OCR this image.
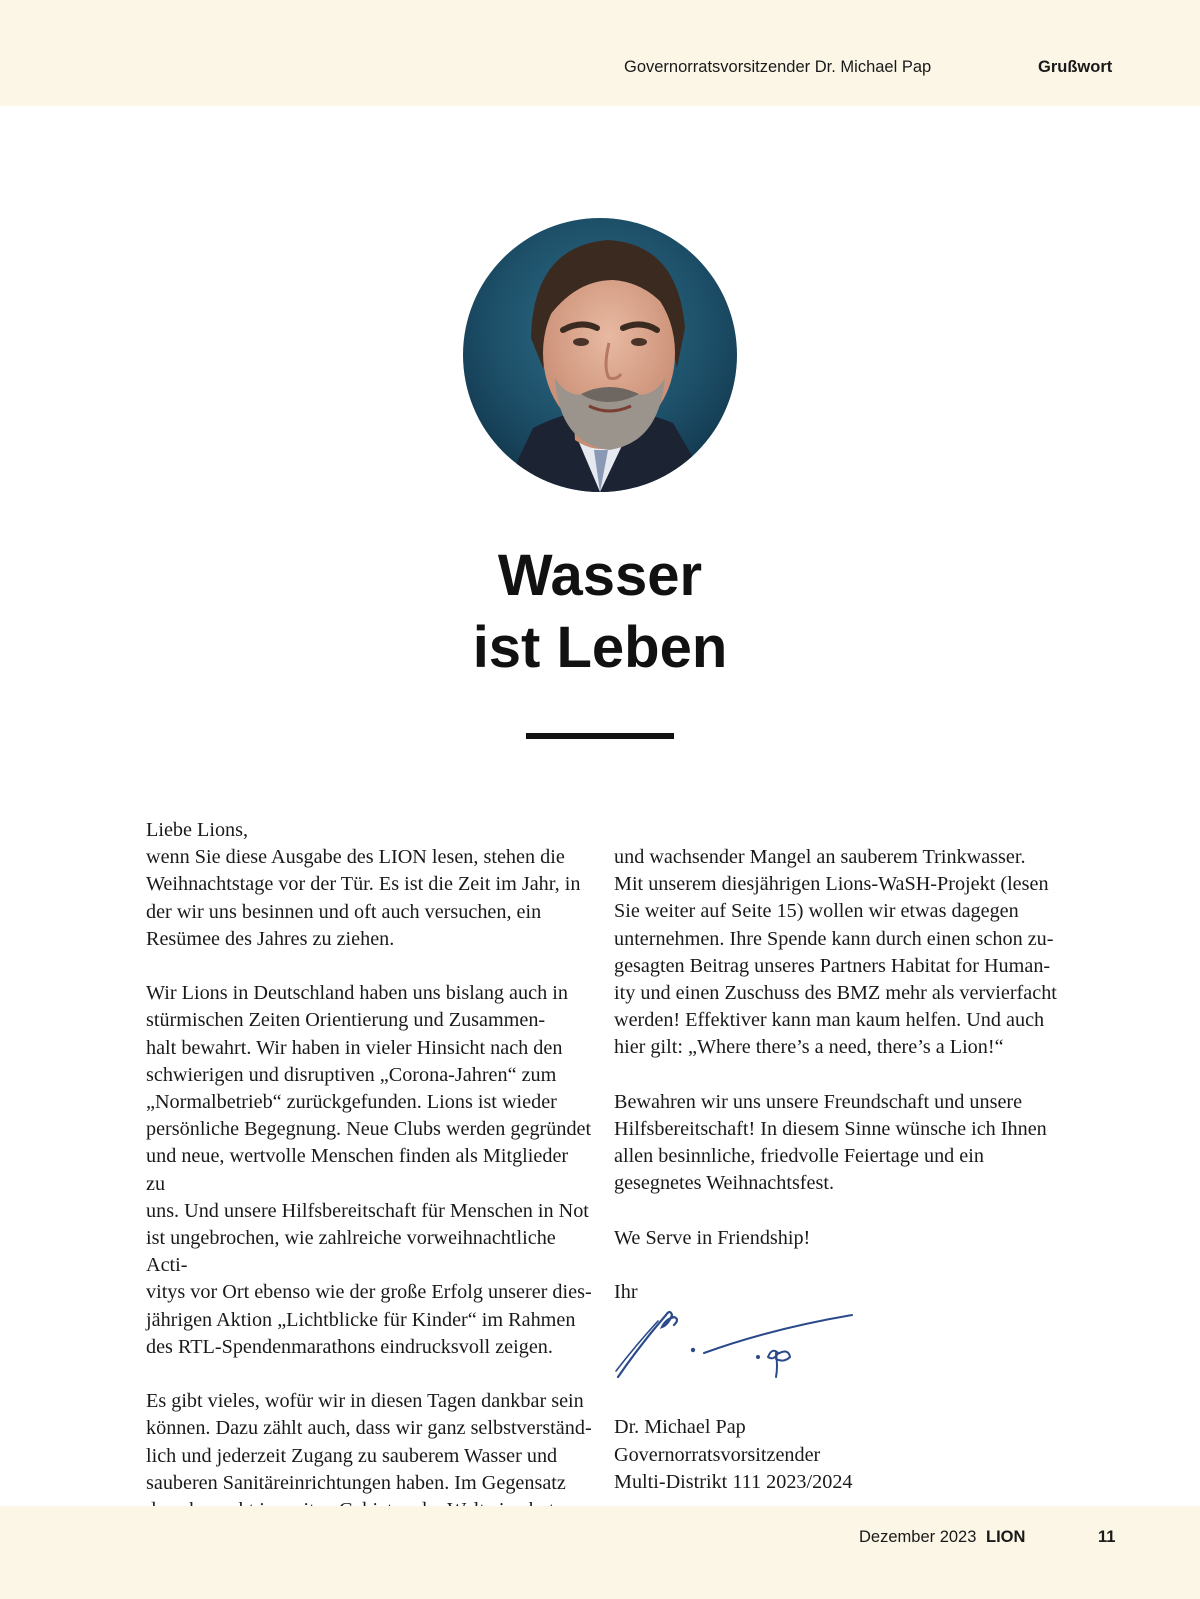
Governorratsvorsitzender Dr. Michael Pap	Grußwort
Wasser
ist Leben

Liebe Lions,

wenn Sie diese Ausgabe des LION lesen, stehen die

Weihnachtstage vor der Tür. Es ist die Zeit im Jahr, in

der wir uns besinnen und oft auch versuchen, ein

Resümee des Jahres zu ziehen.

Wir Lions in Deutschland haben uns bislang auch in

stürmischen Zeiten Orientierung und Zusammen-

halt bewahrt. Wir haben in vieler Hinsicht nach den

schwierigen und disruptiven „Corona-Jahren“ zum

„Normalbetrieb“ zurückgefunden. Lions ist wieder

persönliche Begegnung. Neue Clubs werden gegründet

und neue, wertvolle Menschen finden als Mitglieder zu

uns. Und unsere Hilfsbereitschaft für Menschen in Not

ist ungebrochen, wie zahlreiche vorweihnachtliche Acti-

vitys vor Ort ebenso wie der große Erfolg unserer dies-

jährigen Aktion „Lichtblicke für Kinder“ im Rahmen

des RTL-Spendenmarathons eindrucksvoll zeigen.

Es gibt vieles, wofür wir in diesen Tagen dankbar sein

können. Dazu zählt auch, dass wir ganz selbstverständ-

lich und jederzeit Zugang zu sauberem Wasser und

sauberen Sanitäreinrichtungen haben. Im Gegensatz

und wachsender Mangel an sauberem Trinkwasser.

Mit unserem diesjährigen Lions-WaSH-Projekt (lesen

Sie weiter auf Seite 15) wollen wir etwas dagegen

unternehmen. Ihre Spende kann durch einen schon zu-

gesagten Beitrag unseres Partners Habitat for Human-

ity und einen Zuschuss des BMZ mehr als vervierfacht

werden! Effektiver kann man kaum helfen. Und auch

hier gilt: „Where there’s a need, there’s a Lion!“

Bewahren wir uns unsere Freundschaft und unsere

Hilfsbereitschaft! In diesem Sinne wünsche ich Ihnen

allen besinnliche, friedvolle Feiertage und ein

gesegnetes Weihnachtsfest.

We Serve in Friendship!

Ihr

Dr. Michael Pap

Governorratsvorsitzender

Multi-Distrikt 111 2023/2024

Dezember 2023 LION	11
